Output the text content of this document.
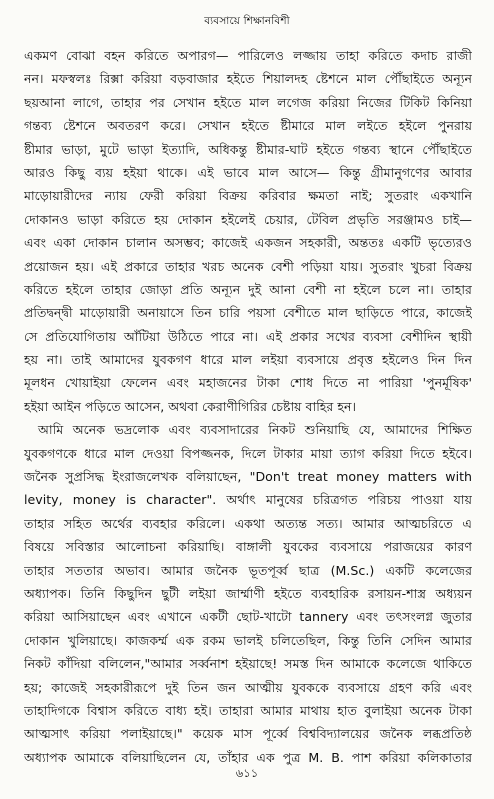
ব্যবসায়ে শিক্ষানবিশী
একমণ বোঝা বহন করিতে অপারগ— পারিলেও লজ্জায় তাহা করিতে কদাচ রাজী
নন। মফস্বলঃ রিক্সা করিয়া বড়বাজার হইতে শিয়ালদহ ষ্টেশনে মাল পৌঁছাইতে অন্যূন
ছয়আনা লাগে, তাহার পর সেখান হইতে মাল লগেজ করিয়া নিজের টিকিট কিনিয়া
গন্তব্য ষ্টেশনে অবতরণ করে। সেখান হইতে ষ্টীমারে মাল লইতে হইলে পুনরায়
ষ্টীমার ভাড়া, মুটে ভাড়া ইত্যাদি, অধিকন্তু ষ্টীমার-ঘাট হইতে গন্তব্য স্থানে পৌঁছাইতে
আরও কিছু ব্যয় হইয়া থাকে। এই ভাবে মাল আসে— কিন্তু গ্রীমানুগণের আবার
মাড়োয়ারীদের ন্যায় ফেরী করিয়া বিক্রয় করিবার ক্ষমতা নাই; সুতরাং একখানি
দোকানও ভাড়া করিতে হয় দোকান হইলেই চেয়ার, টেবিল প্রভৃতি সরঞ্জামও চাই—
এবং একা দোকান চালান অসম্ভব; কাজেই একজন সহকারী, অন্ততঃ একটি ভৃত্যেরও
প্রয়োজন হয়। এই প্রকারে তাহার খরচ অনেক বেশী পড়িয়া যায়। সুতরাং খুচরা বিক্রয়
করিতে হইলে তাহার জোড়া প্রতি অন্যূন দুই আনা বেশী না হইলে চলে না। তাহার
প্রতিদ্বন্দ্বী মাড়োয়ারী অনায়াসে তিন চারি পয়সা বেশীতে মাল ছাড়িতে পারে, কাজেই
সে প্রতিযোগিতায় আঁটিয়া উঠিতে পারে না। এই প্রকার সখের ব্যবসা বেশীদিন স্থায়ী
হয় না। তাই আমাদের যুবকগণ ধারে মাল লইয়া ব্যবসায়ে প্রবৃত্ত হইলেও দিন দিন
মূলধন খোয়াইয়া ফেলেন এবং মহাজনের টাকা শোধ দিতে না পারিয়া 'পুনর্মূষিক'
হইয়া আইন পড়িতে আসেন, অথবা কেরাণীগিরির চেষ্টায় বাহির হন।
আমি অনেক ভদ্রলোক এবং ব্যবসাদারের নিকট শুনিয়াছি যে, আমাদের শিক্ষিত
যুবকগণকে ধারে মাল দেওয়া বিপজ্জনক, দিলে টাকার মায়া ত্যাগ করিয়া দিতে হইবে।
জনৈক সুপ্রসিদ্ধ ইংরাজলেখক বলিয়াছেন, "Don't treat money matters with
levity, money is character". অর্থাৎ মানুষের চরিত্রগত পরিচয় পাওয়া যায়
তাহার সহিত অর্থের ব্যবহার করিলে। একথা অত্যন্ত সত্য। আমার আত্মচরিতে এ
বিষয়ে সবিস্তার আলোচনা করিয়াছি। বাঙ্গালী যুবকের ব্যবসায়ে পরাজয়ের কারণ
তাহার সততার অভাব। আমার জনৈক ভূতপূর্ব্ব ছাত্র (M.Sc.) একটি কলেজের
অধ্যাপক। তিনি কিছুদিন ছুটী লইয়া জার্ম্মাণী হইতে ব্যবহারিক রসায়ন-শাস্ত্র অধ্যয়ন
করিয়া আসিয়াছেন এবং এখানে একটী ছোট-খাটো tannery এবং তৎসংলগ্ন জুতার
দোকান খুলিয়াছে। কাজকর্ম্ম এক রকম ভালই চলিতেছিল, কিন্তু তিনি সেদিন আমার
নিকট কাঁদিয়া বলিলেন,"আমার সর্ব্বনাশ হইয়াছে! সমস্ত দিন আমাকে কলেজে থাকিতে
হয়; কাজেই সহকারীরূপে দুই তিন জন আত্মীয় যুবককে ব্যবসায়ে গ্রহণ করি এবং
তাহাদিগকে বিশ্বাস করিতে বাধ্য হই। তাহারা আমার মাথায় হাত বুলাইয়া অনেক টাকা
আত্মসাৎ করিয়া পলাইয়াছে।" কয়েক মাস পূর্ব্বে বিশ্ববিদ্যালয়ের জনৈক লব্ধপ্রতিষ্ঠ
অধ্যাপক আমাকে বলিয়াছিলেন যে, তাঁহার এক পুত্র M. B. পাশ করিয়া কলিকাতার
৬১১
